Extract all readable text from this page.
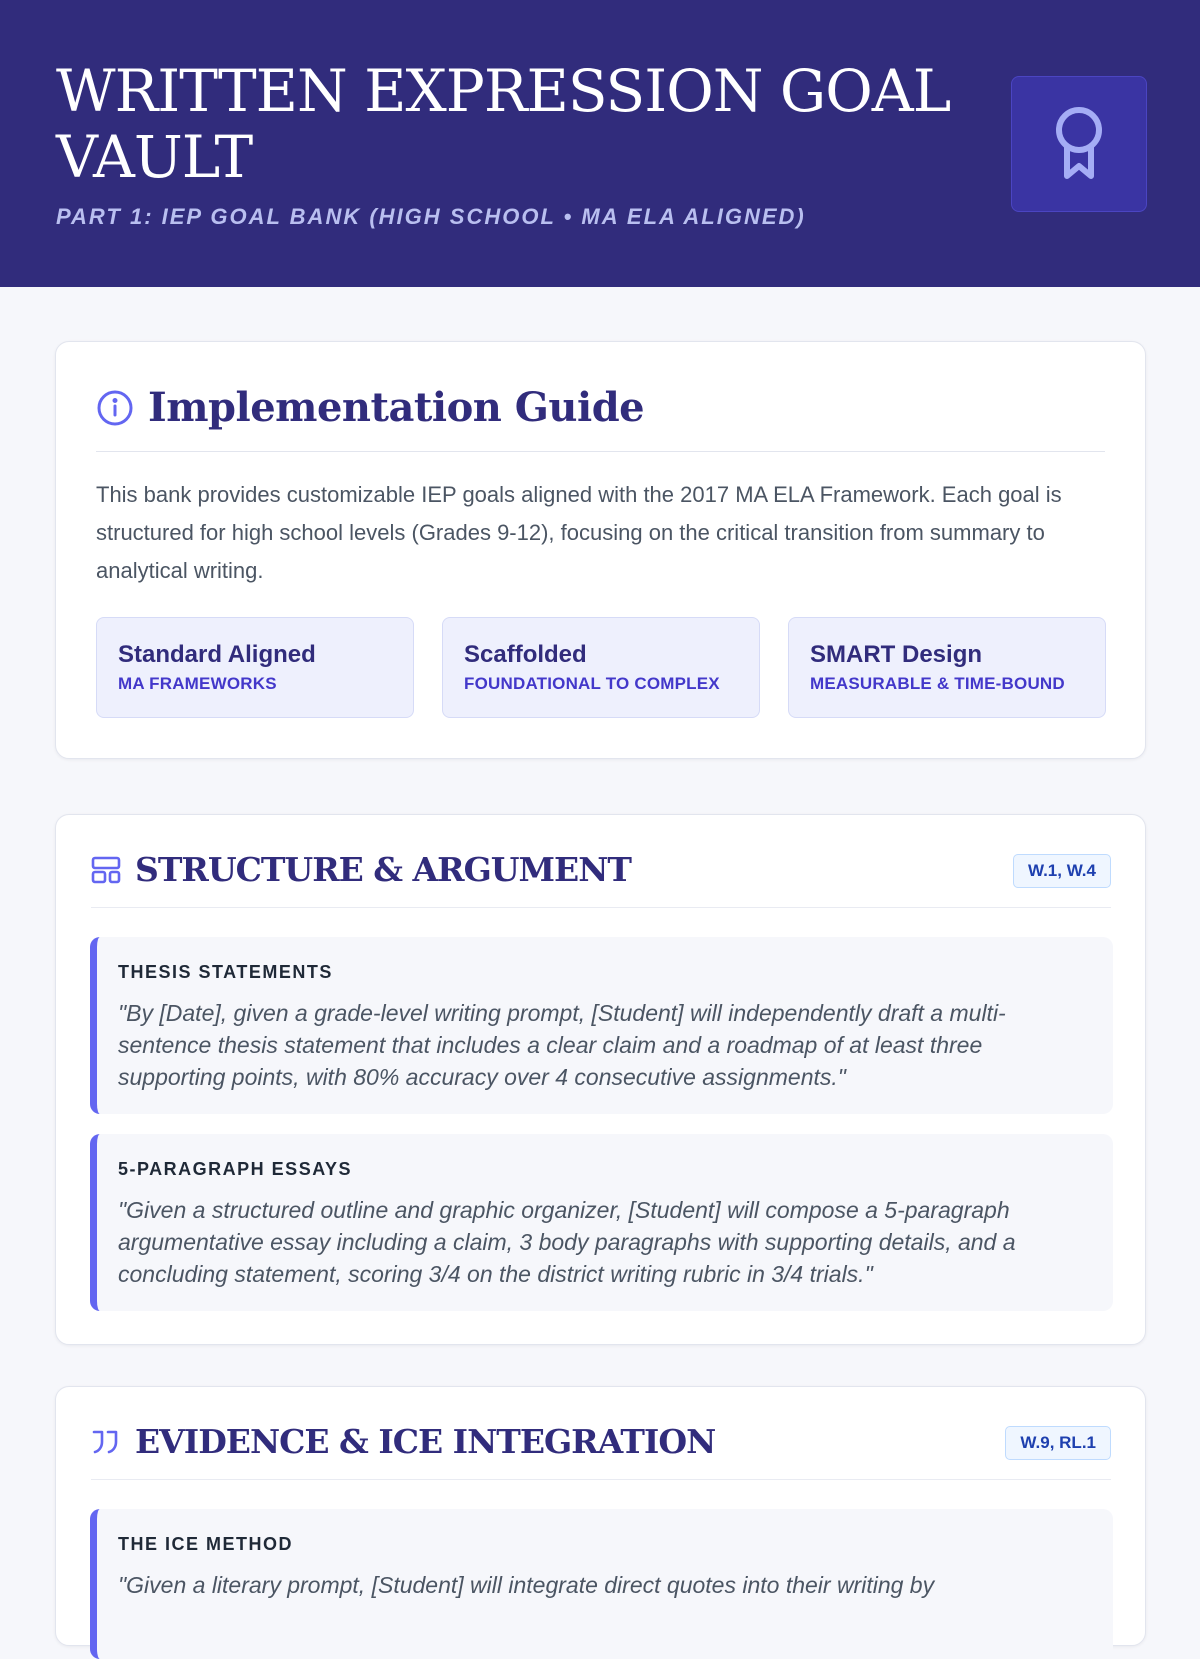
WRITTEN EXPRESSION GOAL VAULT
PART 1: IEP GOAL BANK (HIGH SCHOOL • MA ELA ALIGNED)
Implementation Guide

This bank provides customizable IEP goals aligned with the 2017 MA ELA Framework. Each goal is structured for high school levels (Grades 9-12), focusing on the critical transition from summary to analytical writing.

Standard Aligned
MA FRAMEWORKS
Scaffolded
FOUNDATIONAL TO COMPLEX
SMART Design
MEASURABLE & TIME-BOUND
STRUCTURE & ARGUMENT	W.1, W.4
THESIS STATEMENTS

"By [Date], given a grade-level writing prompt, [Student] will independently draft a multi-sentence thesis statement that includes a clear claim and a roadmap of at least three supporting points, with 80% accuracy over 4 consecutive assignments."

5-PARAGRAPH ESSAYS

"Given a structured outline and graphic organizer, [Student] will compose a 5-paragraph argumentative essay including a claim, 3 body paragraphs with supporting details, and a concluding statement, scoring 3/4 on the district writing rubric in 3/4 trials."

EVIDENCE & ICE INTEGRATION	W.9, RL.1
THE ICE METHOD

"Given a literary prompt, [Student] will integrate direct quotes into their writing by
